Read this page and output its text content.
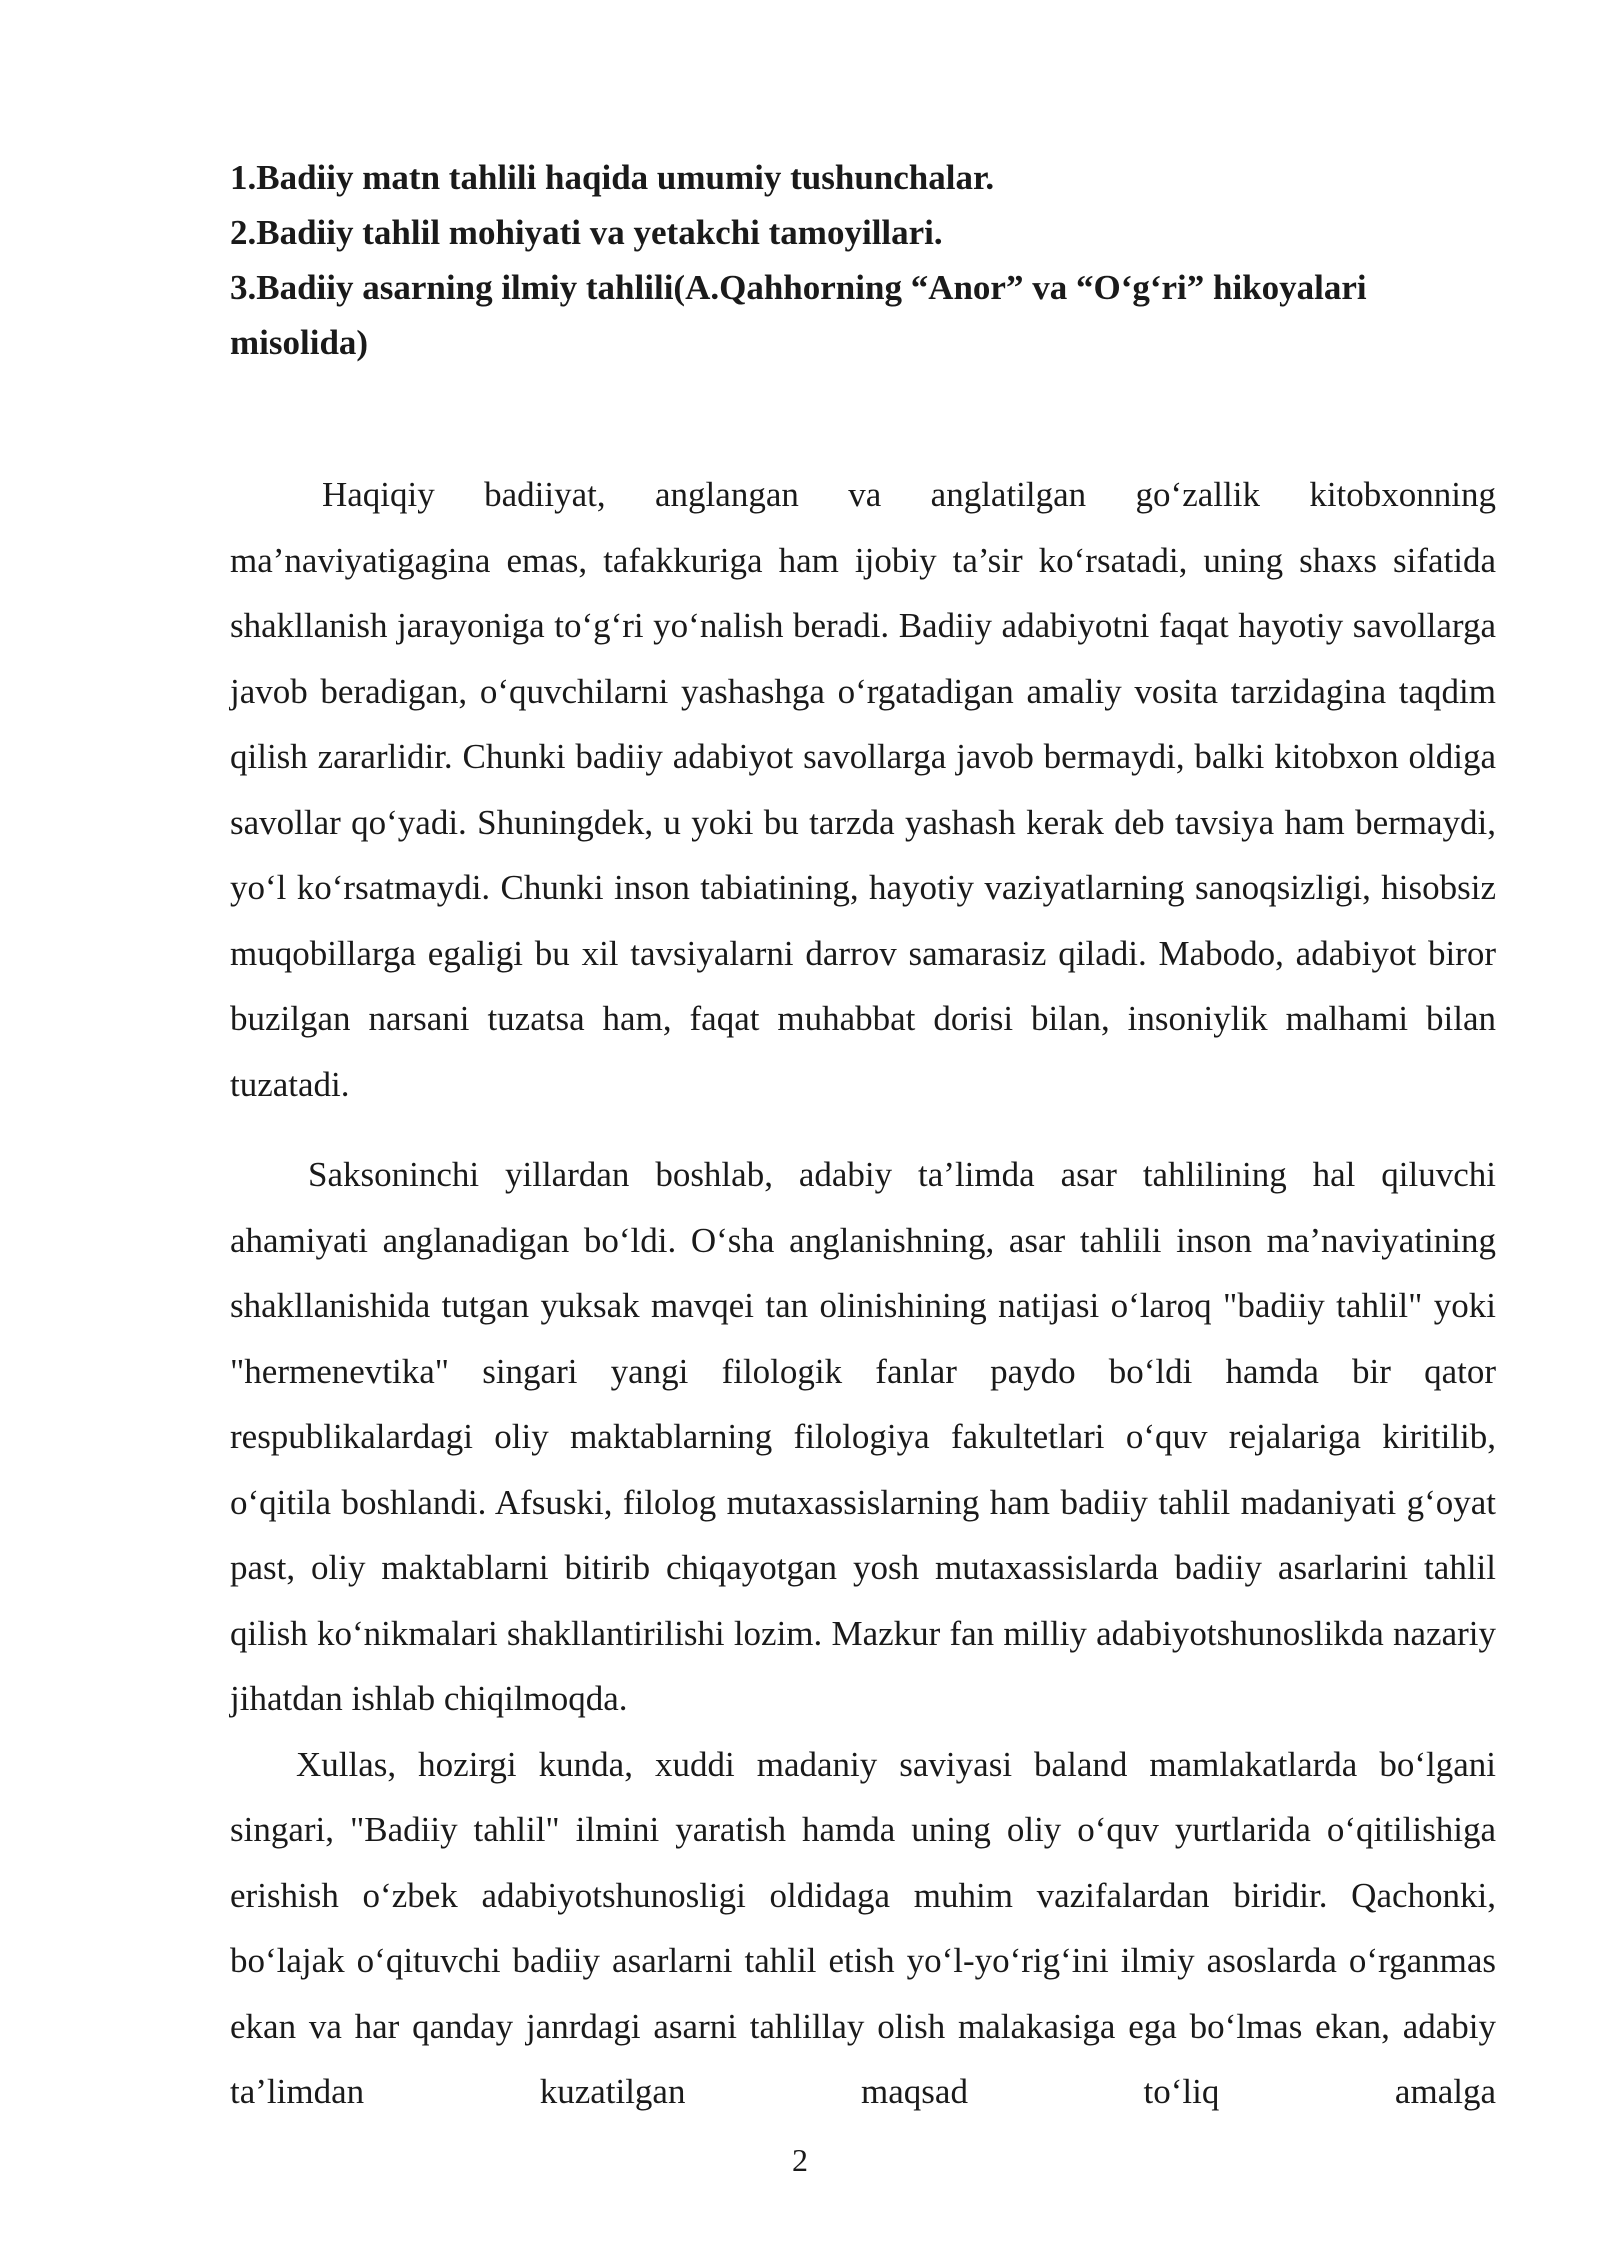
1.Badiiy matn tahlili haqida umumiy tushunchalar.
2.Badiiy tahlil mohiyati va yetakchi tamoyillari.
3.Badiiy asarning ilmiy tahlili(A.Qahhorning “Anor” va “O‘g‘ri” hikoyalari misolida)

Haqiqiy badiiyat, anglangan va anglatilgan go‘zallik kitobxonning ma’naviyatigagina emas, tafakkuriga ham ijobiy ta’sir ko‘rsatadi, uning shaxs sifatida shakllanish jarayoniga to‘g‘ri yo‘nalish beradi. Badiiy adabiyotni faqat hayotiy savollarga javob beradigan, o‘quvchilarni yashashga o‘rgatadigan amaliy vosita tarzidagina taqdim qilish zararlidir. Chunki badiiy adabiyot savollarga javob bermaydi, balki kitobxon oldiga savollar qo‘yadi. Shuningdek, u yoki bu tarzda yashash kerak deb tavsiya ham bermaydi, yo‘l ko‘rsatmaydi. Chunki inson tabiatining, hayotiy vaziyatlarning sanoqsizligi, hisobsiz muqobillarga egaligi bu xil tavsiyalarni darrov samarasiz qiladi. Mabodo, adabiyot biror buzilgan narsani tuzatsa ham, faqat muhabbat dorisi bilan, insoniylik malhami bilan tuzatadi.

Saksoninchi yillardan boshlab, adabiy ta’limda asar tahlilining hal qiluvchi ahamiyati anglanadigan bo‘ldi. O‘sha anglanishning, asar tahlili inson ma’naviyatining shakllanishida tutgan yuksak mavqei tan olinishining natijasi o‘laroq "badiiy tahlil" yoki "hermenevtika" singari yangi filologik fanlar paydo bo‘ldi hamda bir qator respublikalardagi oliy maktablarning filologiya fakultetlari o‘quv rejalariga kiritilib, o‘qitila boshlandi. Afsuski, filolog mutaxassislarning ham badiiy tahlil madaniyati g‘oyat past, oliy maktablarni bitirib chiqayotgan yosh mutaxassislarda badiiy asarlarini tahlil qilish ko‘nikmalari shakllantirilishi lozim. Mazkur fan milliy adabiyotshunoslikda nazariy jihatdan ishlab chiqilmoqda.

Xullas, hozirgi kunda, xuddi madaniy saviyasi baland mamlakatlarda bo‘lgani singari, "Badiiy tahlil" ilmini yaratish hamda uning oliy o‘quv yurtlarida o‘qitilishiga erishish o‘zbek adabiyotshunosligi oldidaga muhim vazifalardan biridir. Qachonki, bo‘lajak o‘qituvchi badiiy asarlarni tahlil etish yo‘l-yo‘rig‘ini ilmiy asoslarda o‘rganmas ekan va har qanday janrdagi asarni tahlillay olish malakasiga ega bo‘lmas ekan, adabiy ta’limdan kuzatilgan maqsad to‘liq amalga

2
